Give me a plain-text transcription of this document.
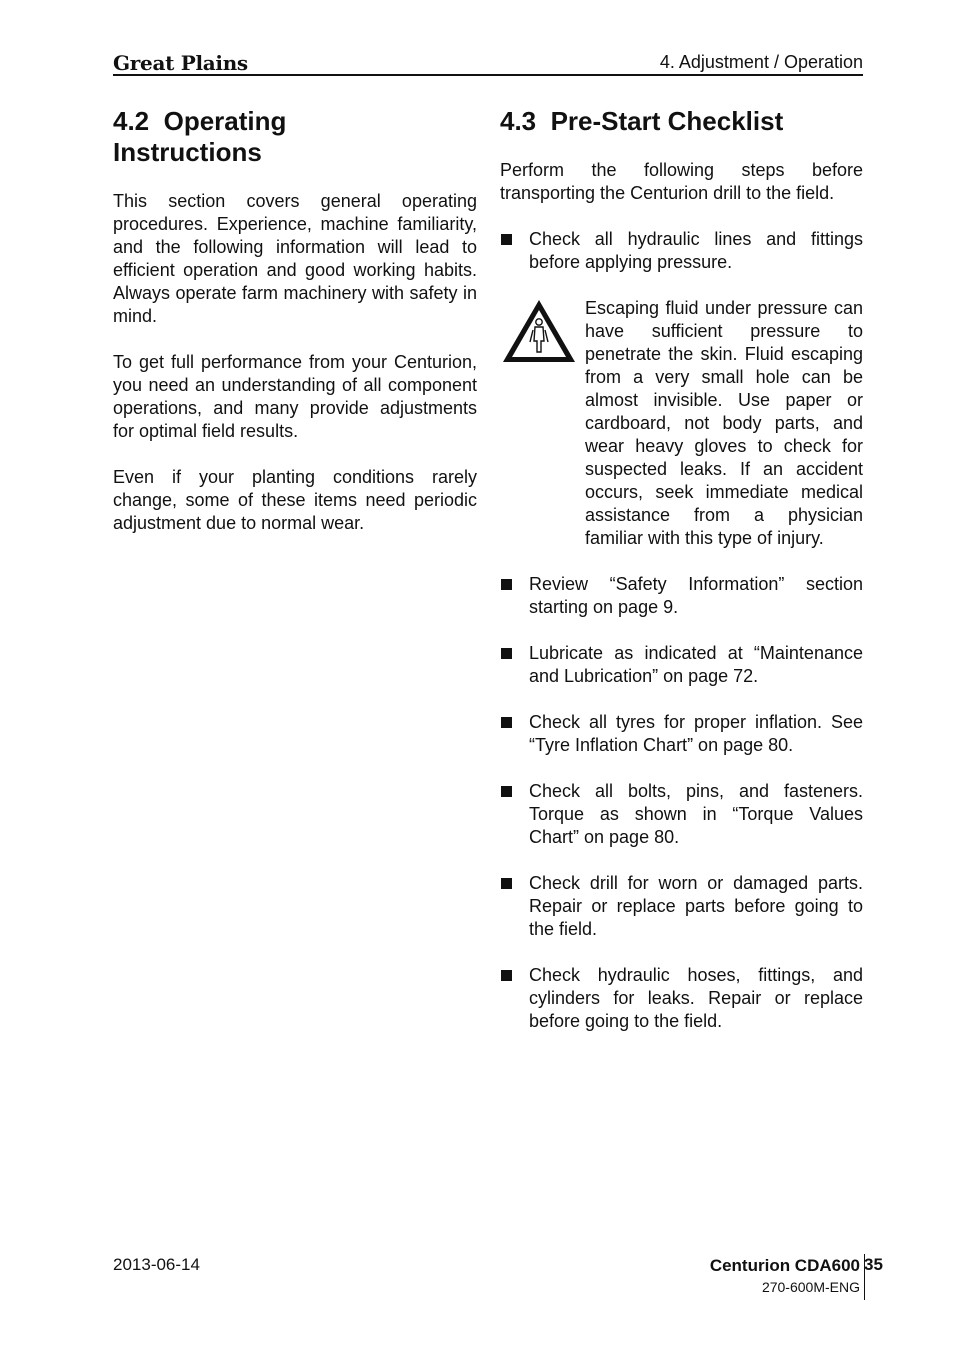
Great Plains	4. Adjustment / Operation
4.2  Operating
Instructions

This section covers general operating procedures. Experience, machine familiarity, and the following information will lead to efficient operation and good working habits. Always operate farm machinery with safety in mind.

To get full performance from your Centurion, you need an understanding of all component operations, and many provide adjustments for optimal field results.

Even if your planting conditions rarely change, some of these items need periodic adjustment due to normal wear.

4.3  Pre-Start Checklist

Perform the following steps before transporting the Centurion drill to the field.

Check all hydraulic lines and fittings before applying pressure.

Escaping fluid under pressure can have sufficient pressure to penetrate the skin. Fluid escaping from a very small hole can be almost invisible. Use paper or cardboard, not body parts, and wear heavy gloves to check for suspected leaks. If an accident occurs, seek immediate medical assistance from a physician familiar with this type of injury.

Review “Safety Information” section starting on page 9.
Lubricate as indicated at “Maintenance and Lubrication” on page 72.
Check all tyres for proper inflation. See “Tyre Inflation Chart” on page 80.
Check all bolts, pins, and fasteners. Torque as shown in “Torque Values Chart” on page 80.
Check drill for worn or damaged parts. Repair or replace parts before going to the field.
Check hydraulic hoses, fittings, and cylinders for leaks. Repair or replace before going to the field.
2013-06-14	Centurion CDA600
270-600M-ENG
35
